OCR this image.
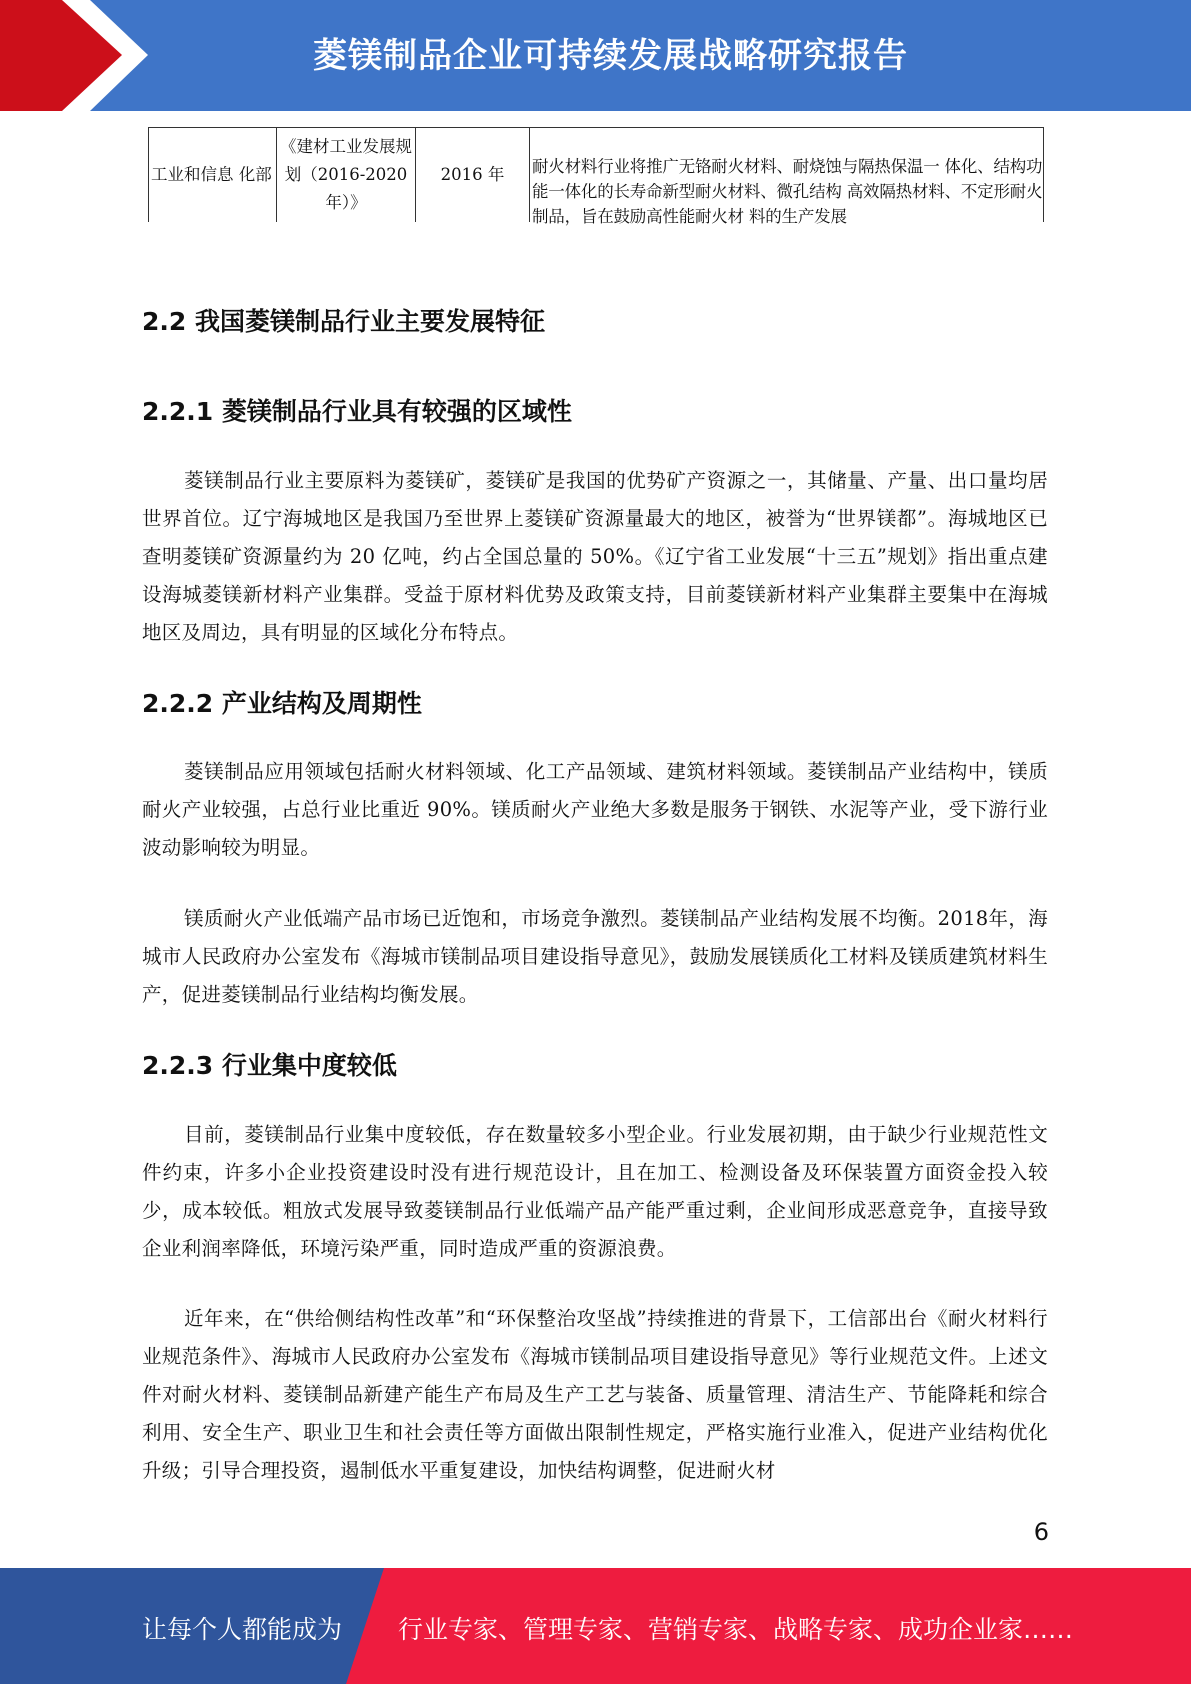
菱镁制品企业可持续发展战略研究报告
工业和信息 化部
《建材工业发展规划（2016-2020年）》
2016 年	耐火材料行业将推广无铬耐火材料、耐烧蚀与隔热保温一 体化、结构功能一体化的长寿命新型耐火材料、微孔结构 高效隔热材料、不定形耐火制品，旨在鼓励高性能耐火材 料的生产发展
2.2 我国菱镁制品行业主要发展特征
2.2.1 菱镁制品行业具有较强的区域性

菱镁制品行业主要原料为菱镁矿，菱镁矿是我国的优势矿产资源之一，其储量、产量、出口量均居世界首位。辽宁海城地区是我国乃至世界上菱镁矿资源量最大的地区，被誉为“世界镁都”。海城地区已查明菱镁矿资源量约为 20 亿吨，约占全国总量的 50%。《辽宁省工业发展“十三五”规划》指出重点建设海城菱镁新材料产业集群。受益于原材料优势及政策支持，目前菱镁新材料产业集群主要集中在海城地区及周边，具有明显的区域化分布特点。

2.2.2 产业结构及周期性

菱镁制品应用领域包括耐火材料领域、化工产品领域、建筑材料领域。菱镁制品产业结构中，镁质耐火产业较强，占总行业比重近 90%。镁质耐火产业绝大多数是服务于钢铁、水泥等产业，受下游行业波动影响较为明显。

镁质耐火产业低端产品市场已近饱和，市场竞争激烈。菱镁制品产业结构发展不均衡。2018年，海城市人民政府办公室发布《海城市镁制品项目建设指导意见》，鼓励发展镁质化工材料及镁质建筑材料生产，促进菱镁制品行业结构均衡发展。

2.2.3 行业集中度较低

目前，菱镁制品行业集中度较低，存在数量较多小型企业。行业发展初期，由于缺少行业规范性文件约束，许多小企业投资建设时没有进行规范设计，且在加工、检测设备及环保装置方面资金投入较少，成本较低。粗放式发展导致菱镁制品行业低端产品产能严重过剩，企业间形成恶意竞争，直接导致企业利润率降低，环境污染严重，同时造成严重的资源浪费。

近年来，在“供给侧结构性改革”和“环保整治攻坚战”持续推进的背景下，工信部出台《耐火材料行业规范条件》、海城市人民政府办公室发布《海城市镁制品项目建设指导意见》等行业规范文件。上述文件对耐火材料、菱镁制品新建产能生产布局及生产工艺与装备、质量管理、清洁生产、节能降耗和综合利用、安全生产、职业卫生和社会责任等方面做出限制性规定，严格实施行业准入，促进产业结构优化升级；引导合理投资，遏制低水平重复建设，加快结构调整，促进耐火材

6
让每个人都能成为 行业专家、管理专家、营销专家、战略专家、成功企业家……
